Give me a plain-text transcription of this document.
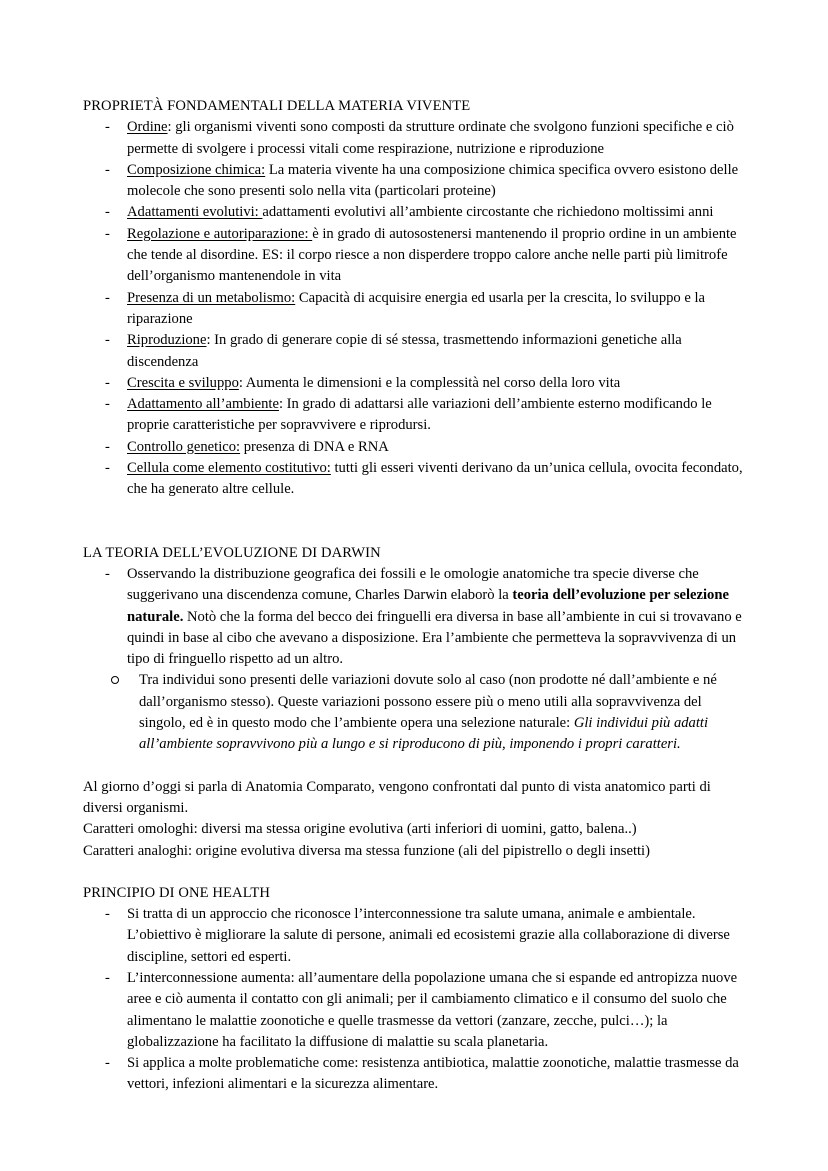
PROPRIETÀ FONDAMENTALI DELLA MATERIA VIVENTE
-	Ordine: gli organismi viventi sono composti da strutture ordinate che svolgono funzioni specifiche e ciò permette di svolgere i processi vitali come respirazione, nutrizione e riproduzione
-	Composizione chimica: La materia vivente ha una composizione chimica specifica ovvero esistono delle molecole che sono presenti solo nella vita (particolari proteine)
-	Adattamenti evolutivi: adattamenti evolutivi all’ambiente circostante che richiedono moltissimi anni
-	Regolazione e autoriparazione: è in grado di autosostenersi mantenendo il proprio ordine in un ambiente che tende al disordine. ES: il corpo riesce a non disperdere troppo calore anche nelle parti più limitrofe dell’organismo mantenendole in vita
-	Presenza di un metabolismo: Capacità di acquisire energia ed usarla per la crescita, lo sviluppo e la riparazione
-	Riproduzione: In grado di generare copie di sé stessa, trasmettendo informazioni genetiche alla discendenza
-	Crescita e sviluppo: Aumenta le dimensioni e la complessità nel corso della loro vita
-	Adattamento all’ambiente: In grado di adattarsi alle variazioni dell’ambiente esterno modificando le proprie caratteristiche per sopravvivere e riprodursi.
-	Controllo genetico: presenza di DNA e RNA
-	Cellula come elemento costitutivo: tutti gli esseri viventi derivano da un’unica cellula, ovocita fecondato, che ha generato altre cellule.
LA TEORIA DELL’EVOLUZIONE DI DARWIN
-	Osservando la distribuzione geografica dei fossili e le omologie anatomiche tra specie diverse che suggerivano una discendenza comune, Charles Darwin elaborò la teoria dell’evoluzione per selezione naturale. Notò che la forma del becco dei fringuelli era diversa in base all’ambiente in cui si trovavano e quindi in base al cibo che avevano a disposizione. Era l’ambiente che permetteva la sopravvivenza di un tipo di fringuello rispetto ad un altro.
Tra individui sono presenti delle variazioni dovute solo al caso (non prodotte né dall’ambiente e né dall’organismo stesso). Queste variazioni possono essere più o meno utili alla sopravvivenza del singolo, ed è in questo modo che l’ambiente opera una selezione naturale: Gli individui più adatti all’ambiente sopravvivono più a lungo e si riproducono di più, imponendo i propri caratteri.

Al giorno d’oggi si parla di Anatomia Comparato, vengono confrontati dal punto di vista anatomico parti di diversi organismi.

Caratteri omologhi: diversi ma stessa origine evolutiva (arti inferiori di uomini, gatto, balena..)

Caratteri analoghi: origine evolutiva diversa ma stessa funzione (ali del pipistrello o degli insetti)

PRINCIPIO DI ONE HEALTH
-	Si tratta di un approccio che riconosce l’interconnessione tra salute umana, animale e ambientale. L’obiettivo è migliorare la salute di persone, animali ed ecosistemi grazie alla collaborazione di diverse discipline, settori ed esperti.
-	L’interconnessione aumenta: all’aumentare della popolazione umana che si espande ed antropizza nuove aree e ciò aumenta il contatto con gli animali; per il cambiamento climatico e il consumo del suolo che alimentano le malattie zoonotiche e quelle trasmesse da vettori (zanzare, zecche, pulci…); la globalizzazione ha facilitato la diffusione di malattie su scala planetaria.
-	Si applica a molte problematiche come: resistenza antibiotica, malattie zoonotiche, malattie trasmesse da vettori, infezioni alimentari e la sicurezza alimentare.
